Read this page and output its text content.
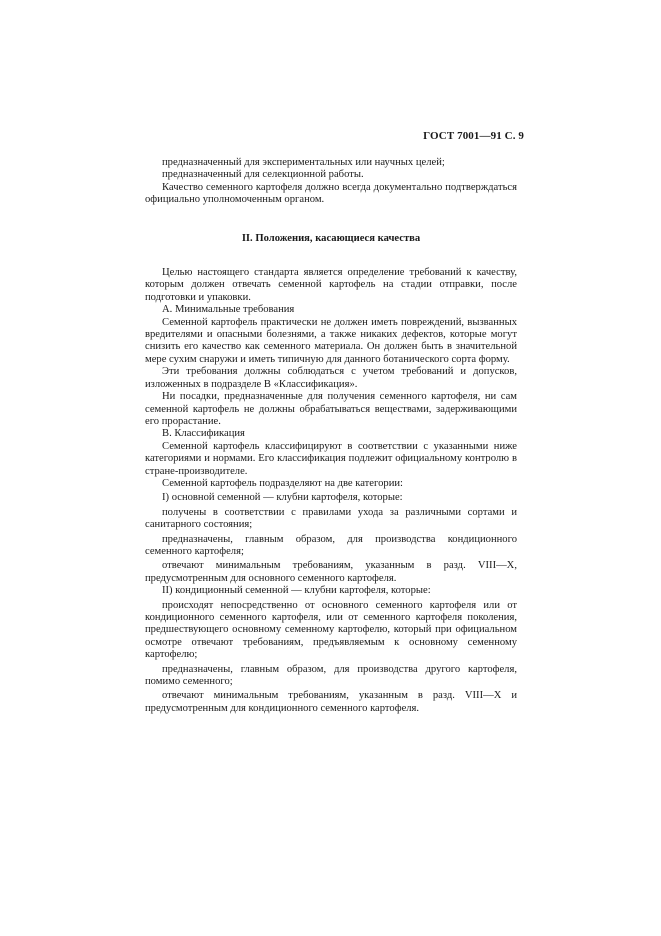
ГОСТ 7001—91 С. 9

предназначенный для экспериментальных или научных целей;

предназначенный для селекционной работы.

Качество семенного картофеля должно всегда документально подтверждаться официально уполномоченным органом.

II. Положения, касающиеся качества

Целью настоящего стандарта является определение требований к качеству, которым должен отвечать семенной картофель на стадии отправки, после подготовки и упаковки.

А. Минимальные требования

Семенной картофель практически не должен иметь повреждений, вызванных вредителями и опасными болезнями, а также никаких дефектов, которые могут снизить его качество как семенного материала. Он должен быть в значительной мере сухим снаружи и иметь типичную для данного ботанического сорта форму.

Эти требования должны соблюдаться с учетом требований и допусков, изложенных в подразделе В «Классификация».

Ни посадки, предназначенные для получения семенного картофеля, ни сам семенной картофель не должны обрабатываться веществами, задерживающими его прорастание.

В. Классификация

Семенной картофель классифицируют в соответствии с указанными ниже категориями и нормами. Его классификация подлежит официальному контролю в стране-производителе.

Семенной картофель подразделяют на две категории:

I) основной семенной — клубни картофеля, которые:

получены в соответствии с правилами ухода за различными сортами и санитарного состояния;

предназначены, главным образом, для производства кондиционного семенного картофеля;

отвечают минимальным требованиям, указанным в разд. VIII—X, предусмотренным для основного семенного картофеля.

II) кондиционный семенной — клубни картофеля, которые:

происходят непосредственно от основного семенного картофеля или от кондиционного семенного картофеля, или от семенного картофеля поколения, предшествующего основному семенному картофелю, который при официальном осмотре отвечают требованиям, предъявляемым к основному семенному картофелю;

предназначены, главным образом, для производства другого картофеля, помимо семенного;

отвечают минимальным требованиям, указанным в разд. VIII—X и предусмотренным для кондиционного семенного картофеля.
